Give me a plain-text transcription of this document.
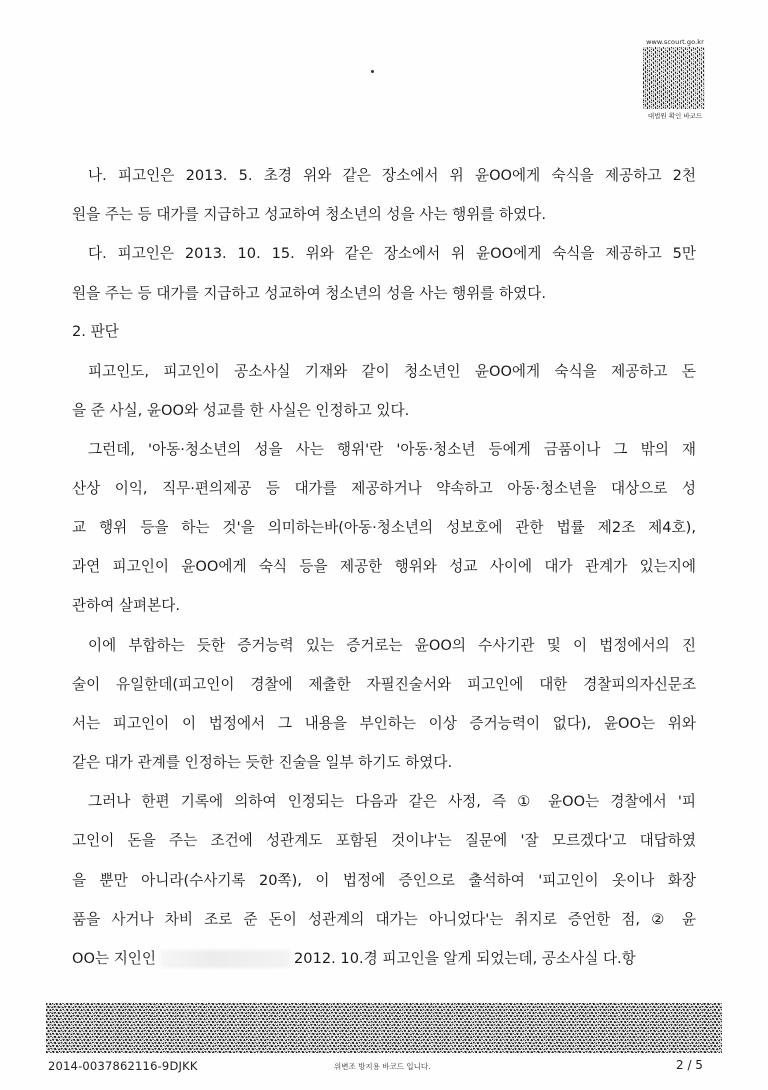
www.scourt.go.kr
대법원 확인 바코드
나. 피고인은 2013. 5. 초경 위와 같은 장소에서 위 윤OO에게 숙식을 제공하고 2천
원을 주는 등 대가를 지급하고 성교하여 청소년의 성을 사는 행위를 하였다.
다. 피고인은 2013. 10. 15. 위와 같은 장소에서 위 윤OO에게 숙식을 제공하고 5만
원을 주는 등 대가를 지급하고 성교하여 청소년의 성을 사는 행위를 하였다.
2. 판단
피고인도, 피고인이 공소사실 기재와 같이 청소년인 윤OO에게 숙식을 제공하고 돈
을 준 사실, 윤OO와 성교를 한 사실은 인정하고 있다.
그런데, '아동·청소년의 성을 사는 행위'란 '아동·청소년 등에게 금품이나 그 밖의 재
산상 이익, 직무·편의제공 등 대가를 제공하거나 약속하고 아동·청소년을 대상으로 성
교 행위 등을 하는 것'을 의미하는바(아동·청소년의 성보호에 관한 법률 제2조 제4호),
과연 피고인이 윤OO에게 숙식 등을 제공한 행위와 성교 사이에 대가 관계가 있는지에
관하여 살펴본다.
이에 부합하는 듯한 증거능력 있는 증거로는 윤OO의 수사기관 및 이 법정에서의 진
술이 유일한데(피고인이 경찰에 제출한 자필진술서와 피고인에 대한 경찰피의자신문조
서는 피고인이 이 법정에서 그 내용을 부인하는 이상 증거능력이 없다), 윤OO는 위와
같은 대가 관계를 인정하는 듯한 진술을 일부 하기도 하였다.
그러나 한편 기록에 의하여 인정되는 다음과 같은 사정, 즉 ① 윤OO는 경찰에서 '피
고인이 돈을 주는 조건에 성관계도 포함된 것이냐'는 질문에 '잘 모르겠다'고 대답하였
을 뿐만 아니라(수사기록 20쪽), 이 법정에 증인으로 출석하여 '피고인이 옷이나 화장
품을 사거나 차비 조로 준 돈이 성관계의 대가는 아니었다'는 취지로 증언한 점, ② 윤
OO는 지인인	2012. 10.경 피고인을 알게 되었는데, 공소사실 다.항
2014-0037862116-9DJKK	위변조 방지용 바코드 입니다.	2 / 5
